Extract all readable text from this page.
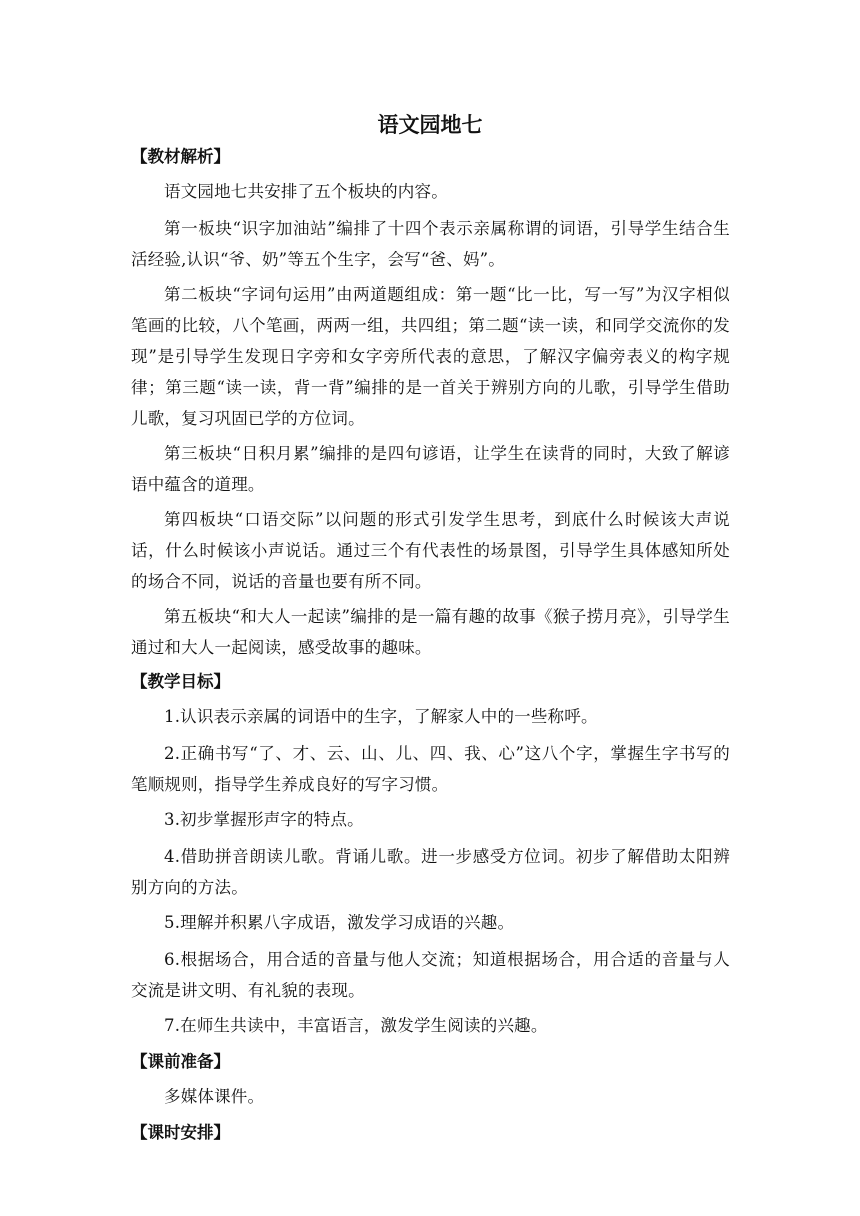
语文园地七
【教材解析】

语文园地七共安排了五个板块的内容。

第一板块“识字加油站”编排了十四个表示亲属称谓的词语，引导学生结合生活经验,认识“爷、奶”等五个生字，会写“爸、妈”。

第二板块“字词句运用”由两道题组成：第一题“比一比，写一写”为汉字相似笔画的比较，八个笔画，两两一组，共四组；第二题“读一读，和同学交流你的发现”是引导学生发现日字旁和女字旁所代表的意思，了解汉字偏旁表义的构字规律；第三题“读一读，背一背”编排的是一首关于辨别方向的儿歌，引导学生借助儿歌，复习巩固已学的方位词。

第三板块“日积月累”编排的是四句谚语，让学生在读背的同时，大致了解谚语中蕴含的道理。

第四板块“口语交际”以问题的形式引发学生思考，到底什么时候该大声说话，什么时候该小声说话。通过三个有代表性的场景图，引导学生具体感知所处的场合不同，说话的音量也要有所不同。

第五板块“和大人一起读”编排的是一篇有趣的故事《猴子捞月亮》，引导学生通过和大人一起阅读，感受故事的趣味。

【教学目标】

1.认识表示亲属的词语中的生字，了解家人中的一些称呼。

2.正确书写“了、才、云、山、儿、四、我、心”这八个字，掌握生字书写的笔顺规则，指导学生养成良好的写字习惯。

3.初步掌握形声字的特点。

4.借助拼音朗读儿歌。背诵儿歌。进一步感受方位词。初步了解借助太阳辨别方向的方法。

5.理解并积累八字成语，激发学习成语的兴趣。

6.根据场合，用合适的音量与他人交流；知道根据场合，用合适的音量与人交流是讲文明、有礼貌的表现。

7.在师生共读中，丰富语言，激发学生阅读的兴趣。

【课前准备】

多媒体课件。

【课时安排】
